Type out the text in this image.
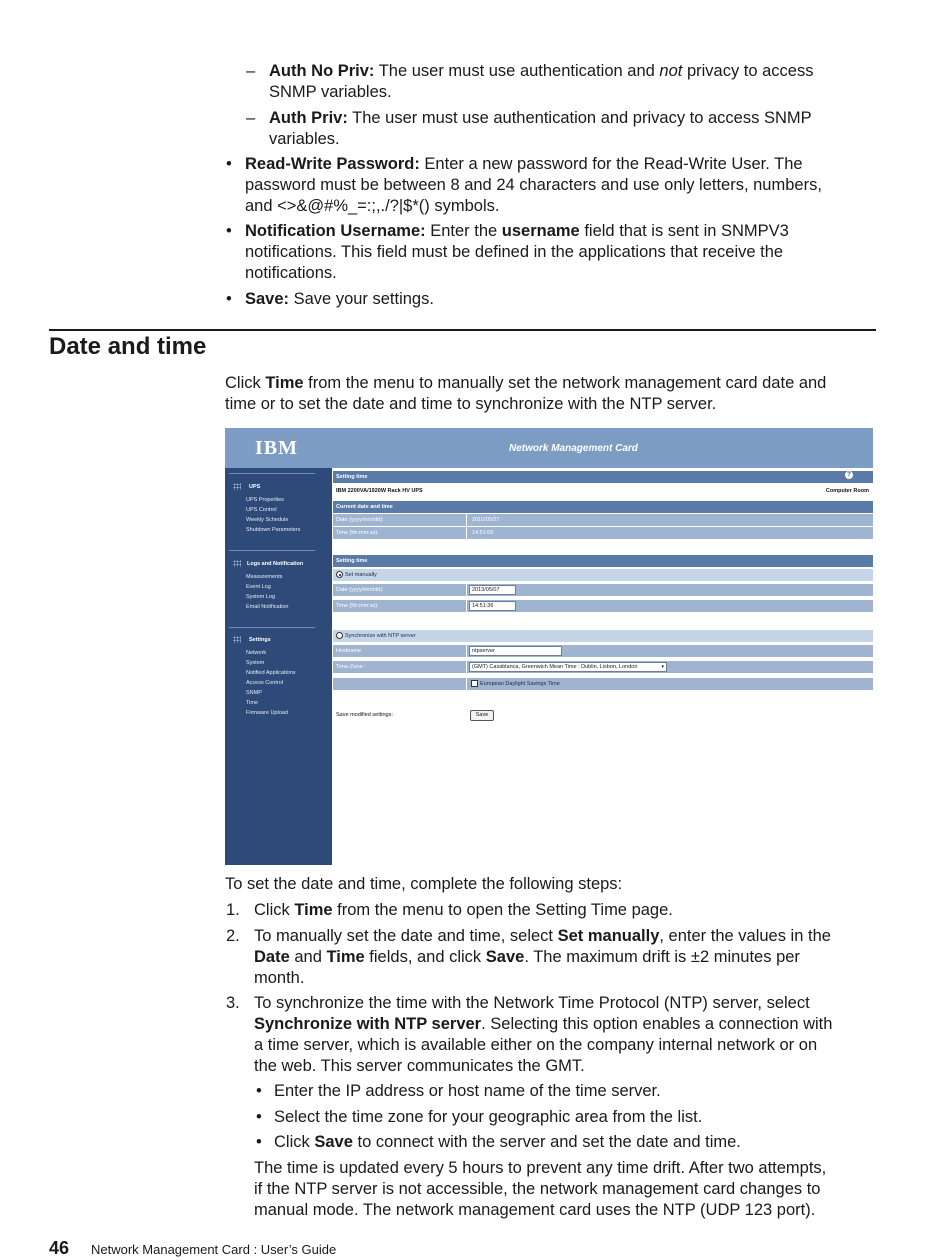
– Auth No Priv: The user must use authentication and not privacy to access
SNMP variables.
– Auth Priv: The user must use authentication and privacy to access SNMP
variables.
• Read-Write Password: Enter a new password for the Read-Write User. The
password must be between 8 and 24 characters and use only letters, numbers,
and <>&@#%_=:;,./?|$*() symbols.
• Notification Username: Enter the username field that is sent in SNMPV3
notifications. This field must be defined in the applications that receive the
notifications.
• Save: Save your settings.
Date and time
Click Time from the menu to manually set the network management card date and
time or to set the date and time to synchronize with the NTP server.
IBM	Network Management Card
UPS
UPS Properties
UPS Control
Weekly Schedule
Shutdown Parameters
Logs and Notification
Measurements
Event Log
System Log
Email Notification
Settings
Network
System
Notified Applications
Access Control
SNMP
Time
Firmware Upload
Setting time	?
IBM 2200VA/1920W Rack HV UPS	Computer Room
Current date and time
Date (yyyy/mm/dd):	2010/05/27
Time (hh:mm:ss):	14:51:06
Setting time
Set manually
Date (yyyy/mm/dd):	2013/05/07
Time (hh:mm:ss):	14:51:36
Synchronize with NTP server
Hostname	ntpserver
Time-Zone :	(GMT) Casablanca, Greenwich Mean Time : Dublin, Lisbon, London	▾
European Daylight Savings Time
Save modified settings:	Save
To set the date and time, complete the following steps:
1. Click Time from the menu to open the Setting Time page.
2. To manually set the date and time, select Set manually, enter the values in the
Date and Time fields, and click Save. The maximum drift is ±2 minutes per
month.
3. To synchronize the time with the Network Time Protocol (NTP) server, select
Synchronize with NTP server. Selecting this option enables a connection with
a time server, which is available either on the company internal network or on
the web. This server communicates the GMT.
• Enter the IP address or host name of the time server.
• Select the time zone for your geographic area from the list.
• Click Save to connect with the server and set the date and time.
The time is updated every 5 hours to prevent any time drift. After two attempts,
if the NTP server is not accessible, the network management card changes to
manual mode. The network management card uses the NTP (UDP 123 port).
46 Network Management Card : User’s Guide
